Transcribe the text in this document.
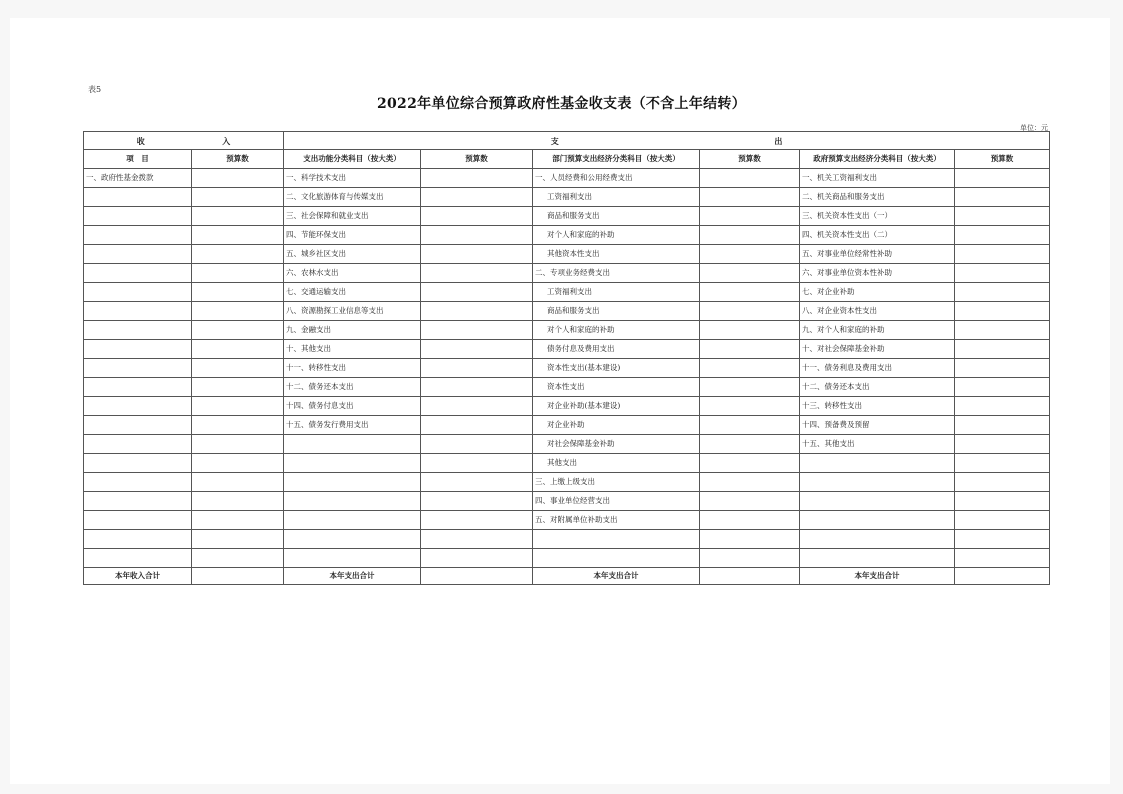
表5
2022年单位综合预算政府性基金收支表（不含上年结转）
单位：元
收 入		支 出					
项　目	预算数	支出功能分类科目（按大类）	预算数	部门预算支出经济分类科目（按大类）	预算数	政府预算支出经济分类科目（按大类）	预算数
一、政府性基金拨款		一、科学技术支出		一、人员经费和公用经费支出		一、机关工资福利支出	
		二、文化旅游体育与传媒支出		工资福利支出		二、机关商品和服务支出	
		三、社会保障和就业支出		商品和服务支出		三、机关资本性支出（一）	
		四、节能环保支出		对个人和家庭的补助		四、机关资本性支出（二）	
		五、城乡社区支出		其他资本性支出		五、对事业单位经常性补助	
		六、农林水支出		二、专项业务经费支出		六、对事业单位资本性补助	
		七、交通运输支出		工资福利支出		七、对企业补助	
		八、资源勘探工业信息等支出		商品和服务支出		八、对企业资本性支出	
		九、金融支出		对个人和家庭的补助		九、对个人和家庭的补助	
		十、其他支出		债务付息及费用支出		十、对社会保障基金补助	
		十一、转移性支出		资本性支出(基本建设)		十一、债务利息及费用支出	
		十二、债务还本支出		资本性支出		十二、债务还本支出	
		十四、债务付息支出		对企业补助(基本建设)		十三、转移性支出	
		十五、债务发行费用支出		对企业补助		十四、预备费及预留	
				对社会保障基金补助		十五、其他支出	
				其他支出			
				三、上缴上级支出			
				四、事业单位经营支出			
				五、对附属单位补助支出			

本年收入合计		本年支出合计		本年支出合计		本年支出合计	
